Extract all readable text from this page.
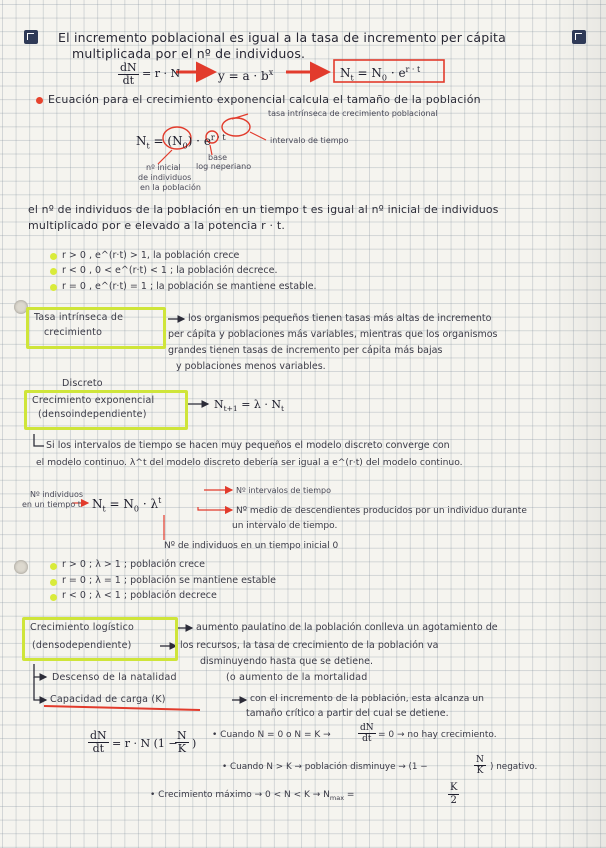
El incremento poblacional es igual a la tasa de incremento per cápita
multiplicada por el nº de individuos.
$\frac{dN}{dt} = r \cdot N$	$y = a \cdot b^x$	$N_t = N_0 \cdot e^{r \cdot t}$
Ecuación para el crecimiento exponencial calcula el tamaño de la población
tasa intrínseca de crecimiento poblacional
$N_t = (N_0) \cdot e^{r \cdot t}$	intervalo de tiempo
base
log neperiano
nº inicial
de individuos
en la población
el nº de individuos de la población en un tiempo t es igual al nº inicial de individuos
multiplicado por e elevado a la potencia r · t.
r > 0 , e^(r·t) > 1, la población crece
r < 0 , 0 < e^(r·t) < 1 ; la población decrece.
r = 0 , e^(r·t) = 1 ; la población se mantiene estable.
Tasa intrínseca de
crecimiento
los organismos pequeños tienen tasas más altas de incremento
per cápita y poblaciones más variables, mientras que los organismos
grandes tienen tasas de incremento per cápita más bajas
y poblaciones menos variables.
Discreto
Crecimiento exponencial
(densoindependiente)
$N_{t+1} = \lambda \cdot N_t$
Si los intervalos de tiempo se hacen muy pequeños el modelo discreto converge con
el modelo continuo. λ^t del modelo discreto debería ser igual a e^(r·t) del modelo continuo.
Nº individuos
en un tiempo t $N_t = N_0 \cdot \lambda^t$
Nº intervalos de tiempo
Nº medio de descendientes producidos por un individuo durante
un intervalo de tiempo.
Nº de individuos en un tiempo inicial 0
r > 0 ; λ > 1 ; población crece
r = 0 ; λ = 1 ; población se mantiene estable
r < 0 ; λ < 1 ; población decrece
Crecimiento logístico
(densodependiente)
aumento paulatino de la población conlleva un agotamiento de
los recursos, la tasa de crecimiento de la población va
disminuyendo hasta que se detiene.
Descenso de la natalidad	(o aumento de la mortalidad
Capacidad de carga (K)	con el incremento de la población, esta alcanza un
tamaño crítico a partir del cual se detiene.
$\frac{dN}{dt} = r \cdot N$ (1 −
$\frac{N}{K}$ )
• Cuando N = 0 o N = K →	$\frac{dN}{dt} = 0$ → no hay crecimiento.
• Cuando N > K → población disminuye → (1 −	$\frac{N}{K}$ ) negativo.
• Crecimiento máximo → $0 < N < K \to N_{max}$ =	$\frac{K}{2}$
